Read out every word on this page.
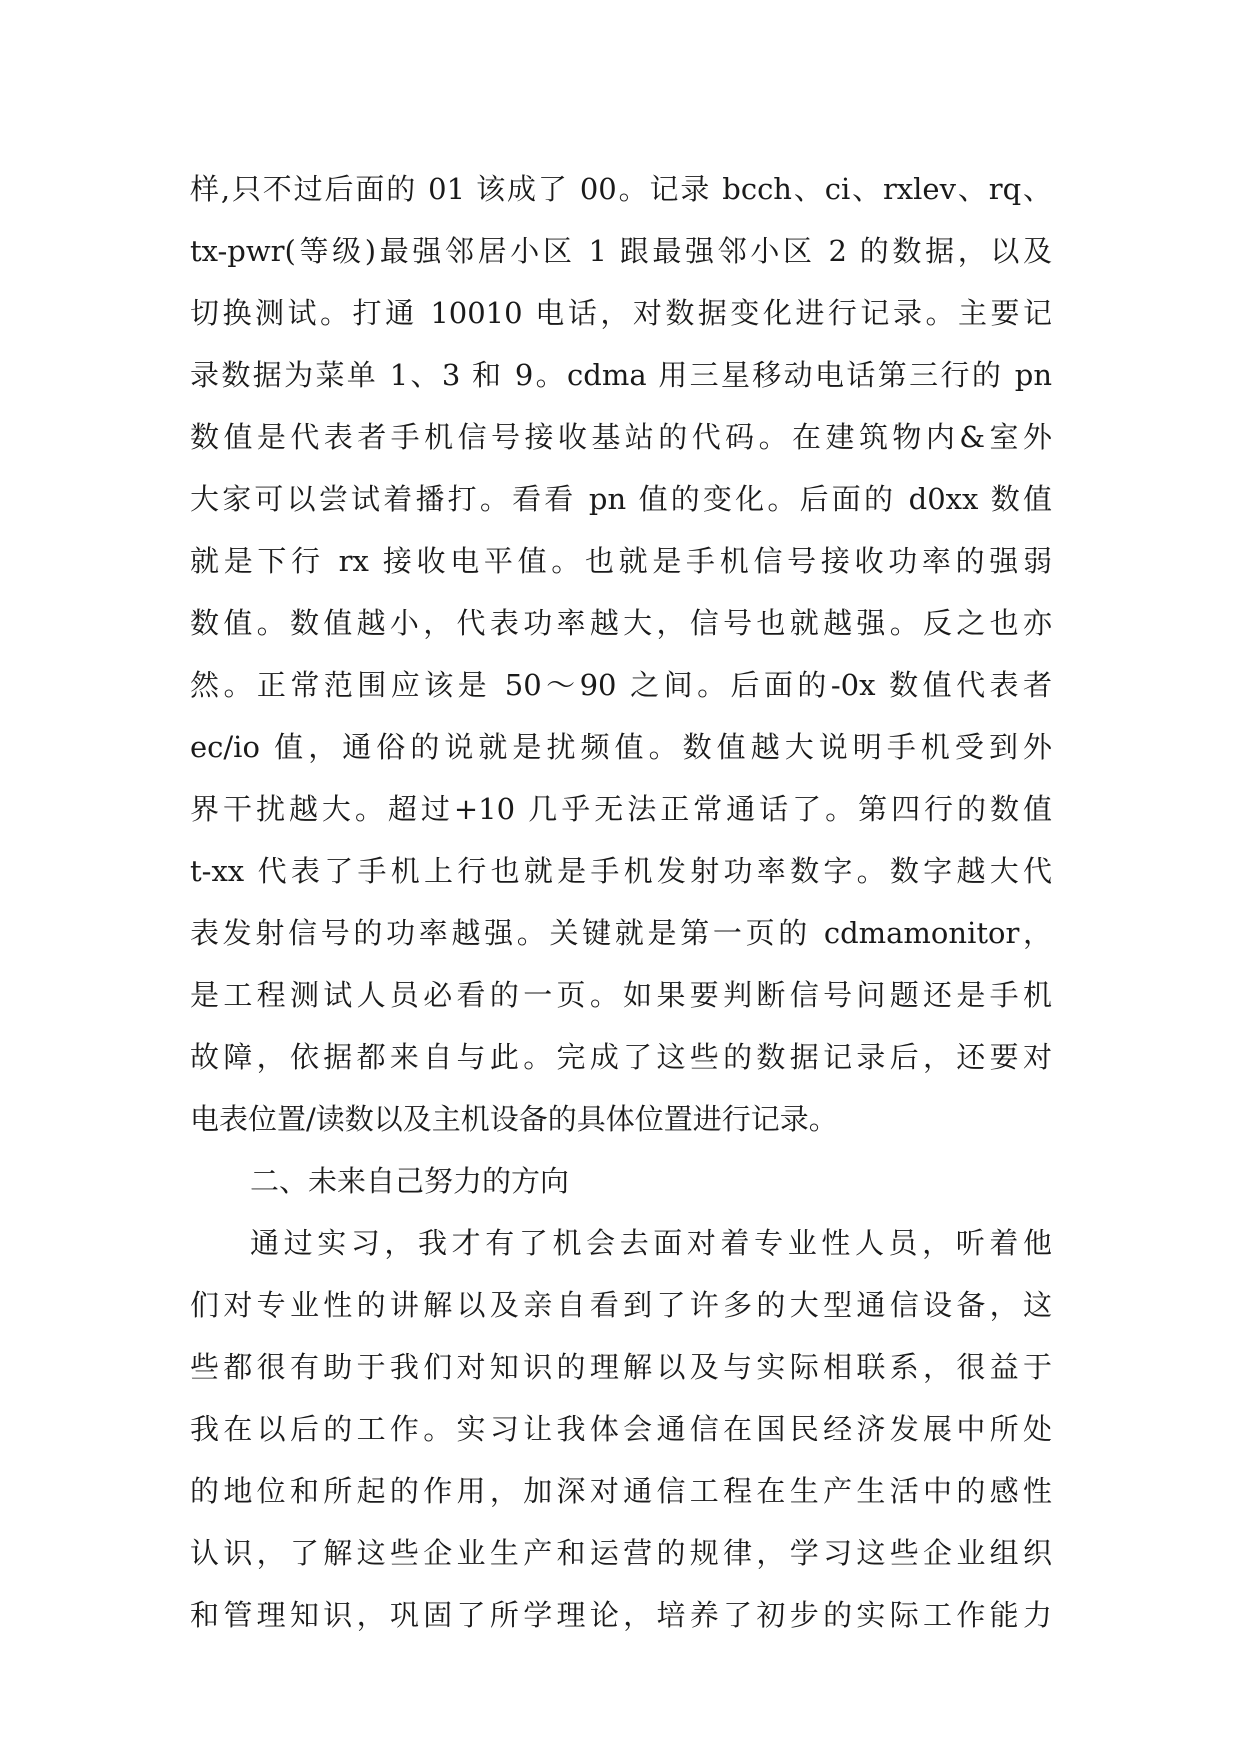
样,只不过后面的 01 该成了 00。记录 bcch、ci、rxlev、rq、
tx-pwr(等级)最强邻居小区 1 跟最强邻小区 2 的数据，以及
切换测试。打通 10010 电话，对数据变化进行记录。主要记
录数据为菜单 1、3 和 9。cdma 用三星移动电话第三行的 pn
数值是代表者手机信号接收基站的代码。在建筑物内&室外
大家可以尝试着播打。看看 pn 值的变化。后面的 d0xx 数值
就是下行 rx 接收电平值。也就是手机信号接收功率的强弱
数值。数值越小，代表功率越大，信号也就越强。反之也亦
然。正常范围应该是 50～90 之间。后面的-0x 数值代表者
ec/io 值，通俗的说就是扰频值。数值越大说明手机受到外
界干扰越大。超过+10 几乎无法正常通话了。第四行的数值
t-xx 代表了手机上行也就是手机发射功率数字。数字越大代
表发射信号的功率越强。关键就是第一页的 cdmamonitor，
是工程测试人员必看的一页。如果要判断信号问题还是手机
故障，依据都来自与此。完成了这些的数据记录后，还要对
电表位置/读数以及主机设备的具体位置进行记录。
二、未来自己努力的方向
通过实习，我才有了机会去面对着专业性人员，听着他
们对专业性的讲解以及亲自看到了许多的大型通信设备，这
些都很有助于我们对知识的理解以及与实际相联系，很益于
我在以后的工作。实习让我体会通信在国民经济发展中所处
的地位和所起的作用，加深对通信工程在生产生活中的感性
认识，了解这些企业生产和运营的规律，学习这些企业组织
和管理知识，巩固了所学理论，培养了初步的实际工作能力
